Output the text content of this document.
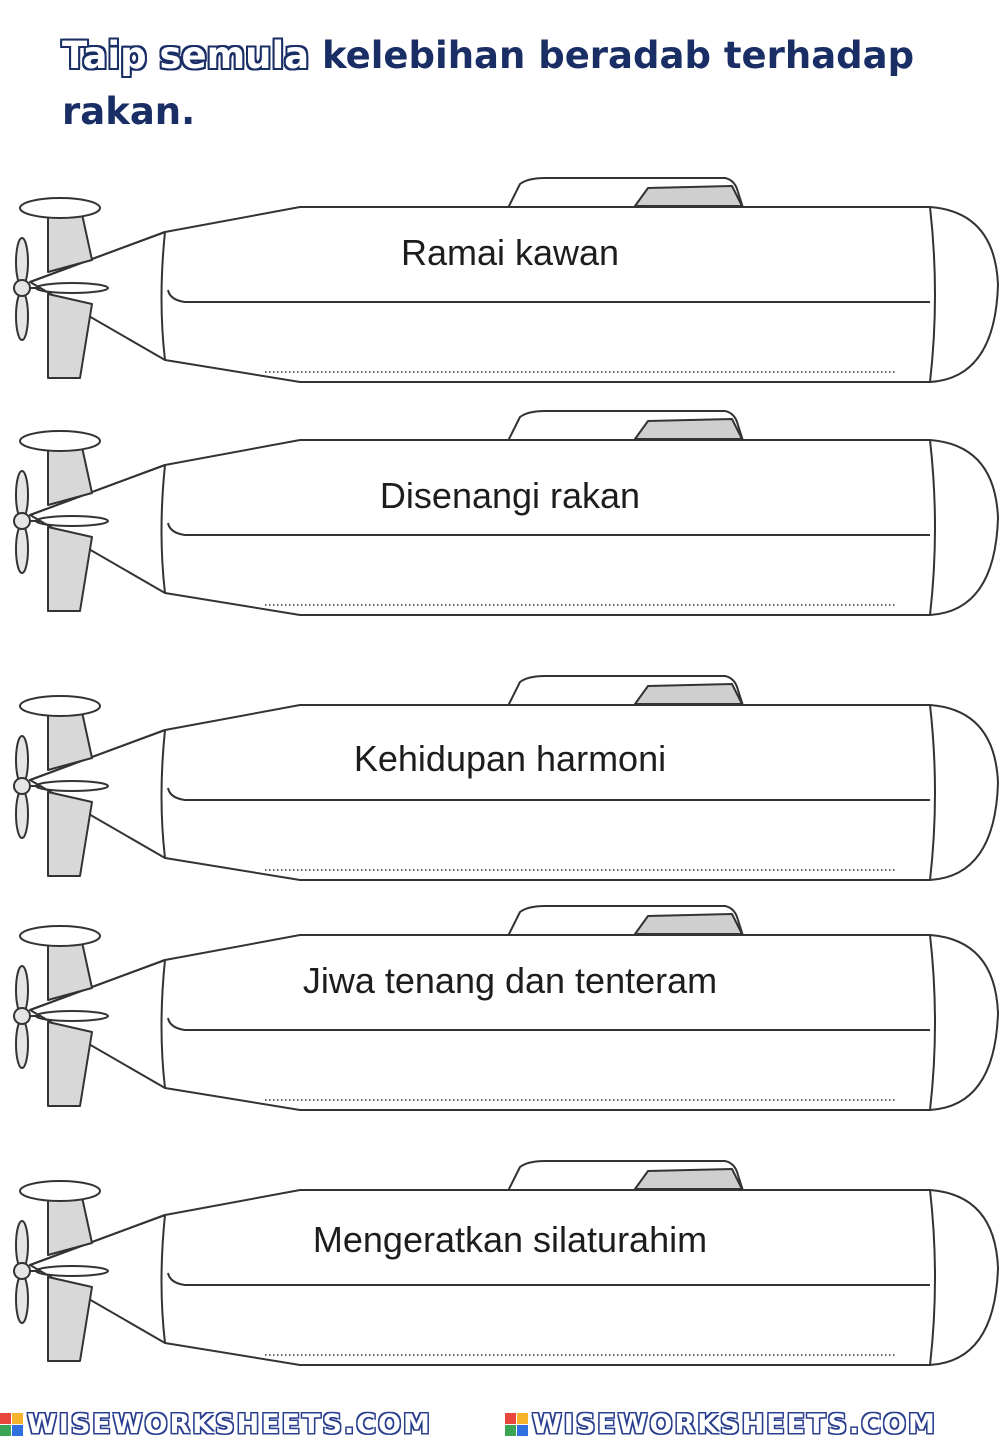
Taip semula kelebihan beradab terhadap
rakan.
Ramai kawan
Disenangi rakan
Kehidupan harmoni
Jiwa tenang dan tenteram
Mengeratkan silaturahim
WISEWORKSHEETS.COM	WISEWORKSHEETS.COM
